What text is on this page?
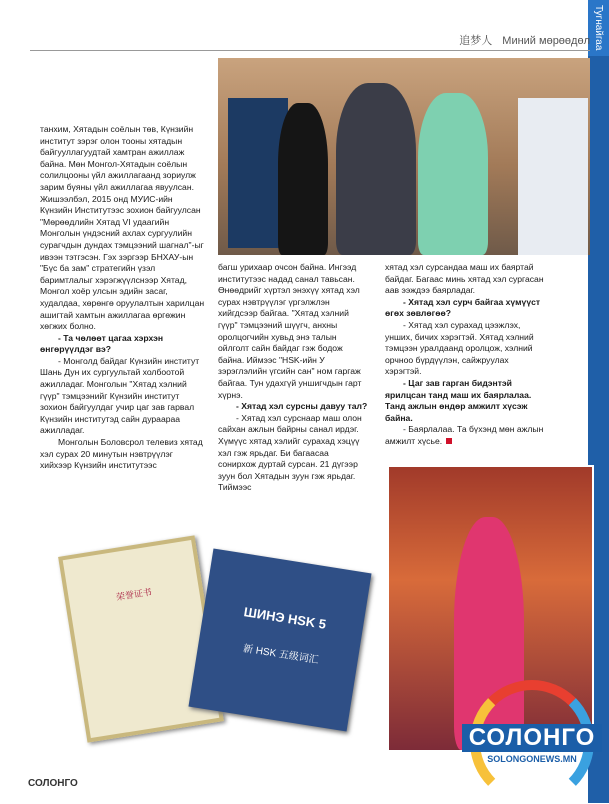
Тугнайгаа
追梦人 Миний мөрөөдөл

танхим, Хятадын соёлын төв, Күнзийн институт зэрэг олон тооны хятадын байгууллагуудтай хамтран ажиллаж байна. Мөн Монгол-Хятадын соёлын солилцооны үйл ажиллагаанд зориулж зарим бүяны үйл ажиллагаа явуулсан. Жишээлбэл, 2015 онд МУИС-ийн Күнзийн Институтээс зохион байгуулсан "Мөрөөдлийн Хятад VI удаагийн Монголын үндэсний ахлах сургуулийн сурагчдын дундах тэмцээний шагнал"-ыг ивээн тэтгэсэн. Гэх зэргээр БНХАУ-ын "Бүс ба зам" стратегийн үзэл баримтлалыг хэрэгжүүлснээр Хятад, Монгол хоёр улсын эдийн засаг, худалдаа, хөрөнгө оруулалтын харилцан ашигтай хамтын ажиллагаа өргөжин хөгжих болно.

- Та чөлөөт цагаа хэрхэн өнгөрүүлдэг вэ?

- Монголд байдаг Күнзийн институт Шань Дун их сургуультай холбоотой ажилладаг. Монголын "Хятад хэлний гүүр" тэмцээнийг Күнзийн институт зохион байгуулдаг учир цаг зав гарвал Күнзийн институтэд сайн дураараа ажилладаг.

Монголын Боловсрол телевиз хятад хэл сурах 20 минутын нэвтрүүлэг хийхээр Күнзийн институтээс

багш урихаар очсон байна. Ингээд институтээс надад санал тавьсан. Өнөөдрийг хүртэл энэхүү хятад хэл сурах нэвтрүүлэг үргэлжлэн хийгдсээр байгаа. "Хятад хэлний гүүр" тэмцээний шүүгч, анхны оролцогчийн хувьд энэ талын ойлголт сайн байдаг гэж бодож байна. Иймээс "HSK-ийн У зэрэглэлийн үгсийн сан" ном гаргаж байгаа. Тун удахгүй уншигчдын гарт хүрнэ.

- Хятад хэл сурсны давуу тал?

- Хятад хэл сурснаар маш олон сайхан ажлын байрны санал ирдэг. Хүмүүс хятад хэлийг сурахад хэцүү хэл гэж ярьдаг. Би багаасаа сонирхож дуртай сурсан. 21 дүгээр зуун бол Хятадын зуун гэж ярьдаг. Тиймээс

хятад хэл сурсандаа маш их баяртай байдаг. Багаас минь хятад хэл сургасан аав ээждээ баярладаг.

- Хятад хэл сурч байгаа хүмүүст өгөх зөвлөгөө?

- Хятад хэл сурахад цээжлэх, унших, бичих хэрэгтэй. Хятад хэлний тэмцээн уралдаанд оролцож, хэлний орчноо бүрдүүлэн, сайжруулах хэрэгтэй.

- Цаг зав гарган бидэнтэй ярилцсан танд маш их баярлалаа. Танд ажлын өндөр амжилт хүсэж байна.

- Баярлалаа. Та бүхэнд мөн ажлын амжилт хүсье.

荣誉证书
ШИНЭ HSK 5
新 HSK 五级词汇
СОЛОНГО
СОЛОНГО
SOLONGONEWS.MN
